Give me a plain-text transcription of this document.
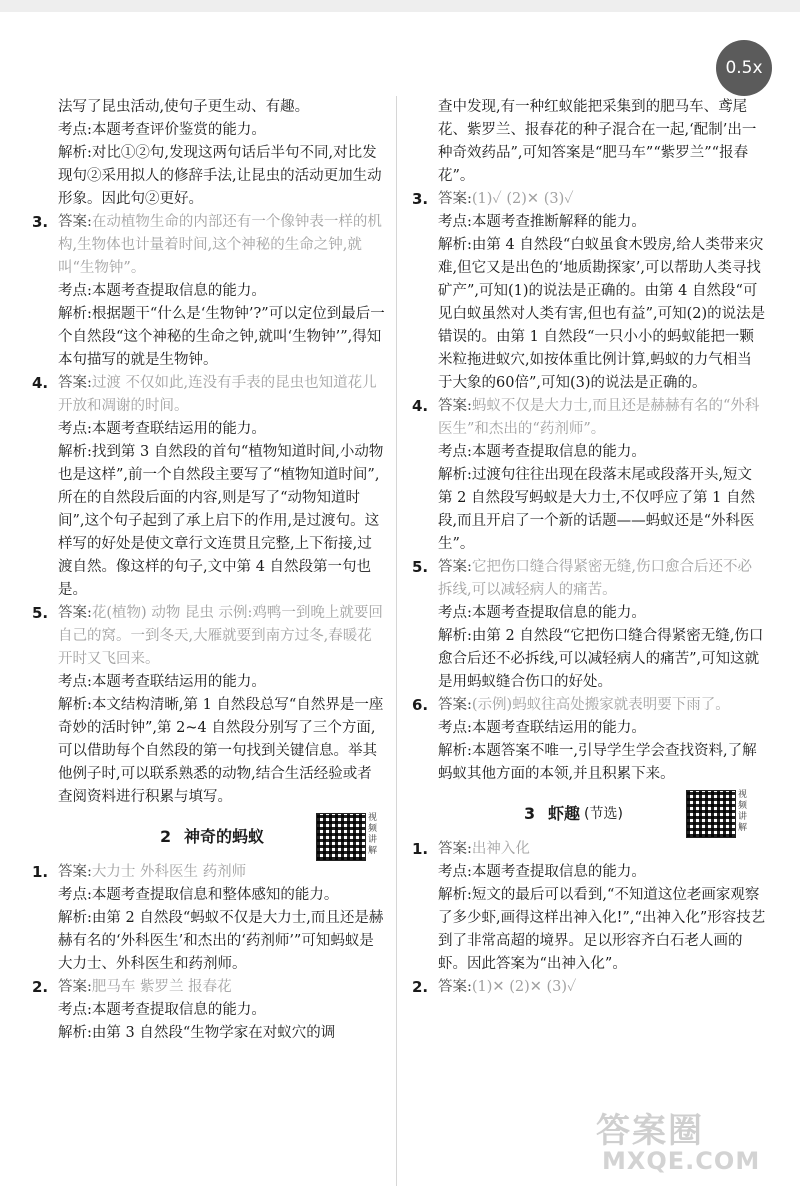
0.5x

法写了昆虫活动,使句子更生动、有趣。

考点:本题考查评价鉴赏的能力。

解析:对比①②句,发现这两句话后半句不同,对比发现句②采用拟人的修辞手法,让昆虫的活动更加生动形象。因此句②更好。

3. 答案:在动植物生命的内部还有一个像钟表一样的机构,生物体也计量着时间,这个神秘的生命之钟,就叫“生物钟”。

考点:本题考查提取信息的能力。

解析:根据题干“什么是‘生物钟’?”可以定位到最后一个自然段“这个神秘的生命之钟,就叫‘生物钟’”,得知本句描写的就是生物钟。

4. 答案:过渡 不仅如此,连没有手表的昆虫也知道花儿开放和凋谢的时间。

考点:本题考查联结运用的能力。

解析:找到第 3 自然段的首句“植物知道时间,小动物也是这样”,前一个自然段主要写了“植物知道时间”,所在的自然段后面的内容,则是写了“动物知道时间”,这个句子起到了承上启下的作用,是过渡句。这样写的好处是使文章行文连贯且完整,上下衔接,过渡自然。像这样的句子,文中第 4 自然段第一句也是。

5. 答案:花(植物) 动物 昆虫 示例:鸡鸭一到晚上就要回自己的窝。一到冬天,大雁就要到南方过冬,春暖花开时又飞回来。

考点:本题考查联结运用的能力。

解析:本文结构清晰,第 1 自然段总写“自然界是一座奇妙的活时钟”,第 2~4 自然段分别写了三个方面,可以借助每个自然段的第一句找到关键信息。举其他例子时,可以联系熟悉的动物,结合生活经验或者查阅资料进行积累与填写。

2 神奇的蚂蚁
视频讲解
1. 答案:大力士 外科医生 药剂师

考点:本题考查提取信息和整体感知的能力。

解析:由第 2 自然段“蚂蚁不仅是大力士,而且还是赫赫有名的‘外科医生’和杰出的‘药剂师’”可知蚂蚁是大力士、外科医生和药剂师。

2. 答案:肥马车 紫罗兰 报春花

考点:本题考查提取信息的能力。

解析:由第 3 自然段“生物学家在对蚁穴的调

查中发现,有一种红蚁能把采集到的肥马车、鸢尾花、紫罗兰、报春花的种子混合在一起,‘配制’出一种奇效药品”,可知答案是“肥马车”“紫罗兰”“报春花”。

3. 答案:(1)✓ (2)✕ (3)✓

考点:本题考查推断解释的能力。

解析:由第 4 自然段“白蚁虽食木毁房,给人类带来灾难,但它又是出色的‘地质勘探家’,可以帮助人类寻找矿产”,可知(1)的说法是正确的。由第 4 自然段“可见白蚁虽然对人类有害,但也有益”,可知(2)的说法是错误的。由第 1 自然段“一只小小的蚂蚁能把一颗米粒拖进蚁穴,如按体重比例计算,蚂蚁的力气相当于大象的60倍”,可知(3)的说法是正确的。

4. 答案:蚂蚁不仅是大力士,而且还是赫赫有名的“外科医生”和杰出的“药剂师”。

考点:本题考查提取信息的能力。

解析:过渡句往往出现在段落末尾或段落开头,短文第 2 自然段写蚂蚁是大力士,不仅呼应了第 1 自然段,而且开启了一个新的话题——蚂蚁还是“外科医生”。

5. 答案:它把伤口缝合得紧密无缝,伤口愈合后还不必拆线,可以减轻病人的痛苦。

考点:本题考查提取信息的能力。

解析:由第 2 自然段“它把伤口缝合得紧密无缝,伤口愈合后还不必拆线,可以减轻病人的痛苦”,可知这就是用蚂蚁缝合伤口的好处。

6. 答案:(示例)蚂蚁往高处搬家就表明要下雨了。

考点:本题考查联结运用的能力。

解析:本题答案不唯一,引导学生学会查找资料,了解蚂蚁其他方面的本领,并且积累下来。

3 虾趣 (节选)
视频讲解
1. 答案:出神入化

考点:本题考查提取信息的能力。

解析:短文的最后可以看到,“不知道这位老画家观察了多少虾,画得这样出神入化!”,“出神入化”形容技艺到了非常高超的境界。足以形容齐白石老人画的虾。因此答案为“出神入化”。

2. 答案:(1)✕ (2)✕ (3)✓

答案圈
MXQE.COM
